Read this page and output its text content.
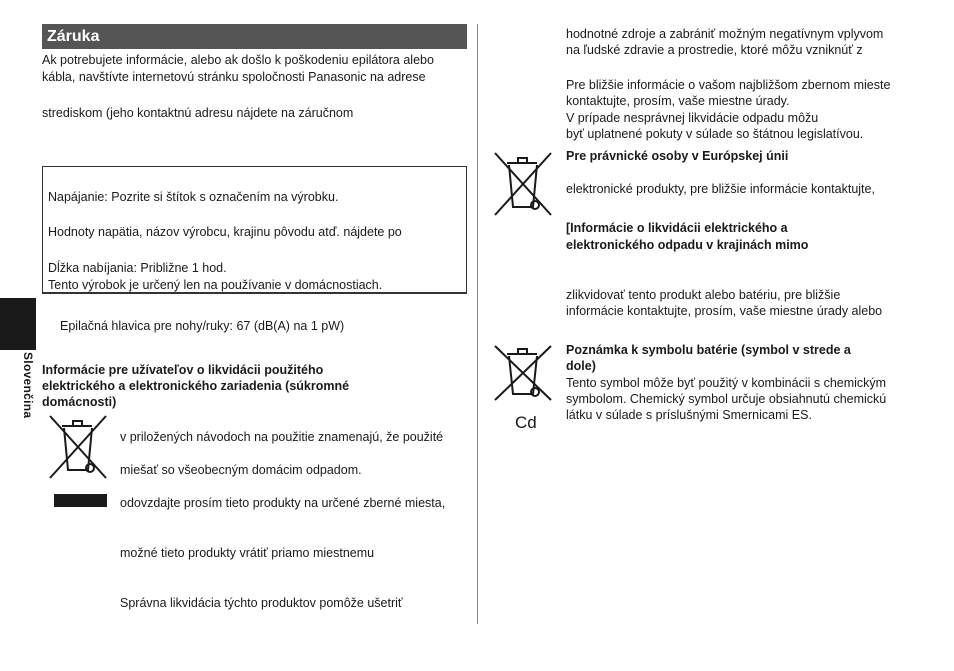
Záruka

Ak potrebujete informácie, alebo ak došlo k poškodeniu epilátora alebo

kábla, navštívte internetovú stránku spoločnosti Panasonic na adrese

strediskom (jeho kontaktnú adresu nájdete na záručnom

Napájanie: Pozrite si štítok s označením na výrobku.

Hodnoty napätia, názov výrobcu, krajinu pôvodu atď. nájdete po

Dĺžka nabíjania: Približne 1 hod.

Tento výrobok je určený len na používanie v domácnostiach.

Slovenčina

Epilačná hlavica pre nohy/ruky: 67 (dB(A) na 1 pW)

Informácie pre užívateľov o likvidácii použitého

elektrického a elektronického zariadenia (súkromné

domácnosti)

v priložených návodoch na použitie znamenajú, že použité

miešať so všeobecným domácim odpadom.

odovzdajte prosím tieto produkty na určené zberné miesta,

možné tieto produkty vrátiť priamo miestnemu

Správna likvidácia týchto produktov pomôže ušetriť

hodnotné zdroje a zabrániť možným negatívnym vplyvom

na ľudské zdravie a prostredie, ktoré môžu vzniknúť z

Pre bližšie informácie o vašom najbližšom zbernom mieste

kontaktujte, prosím, vaše miestne úrady.

V prípade nesprávnej likvidácie odpadu môžu

byť uplatnené pokuty v súlade so štátnou legislatívou.

Pre právnické osoby v Európskej únii

elektronické produkty, pre bližšie informácie kontaktujte,

[Informácie o likvidácii elektrického a

elektronického odpadu v krajinách mimo

zlikvidovať tento produkt alebo batériu, pre bližšie

informácie kontaktujte, prosím, vaše miestne úrady alebo

Cd

Poznámka k symbolu batérie (symbol v strede a

dole)

Tento symbol môže byť použitý v kombinácii s chemickým

symbolom. Chemický symbol určuje obsiahnutú chemickú

látku v súlade s príslušnými Smernicami ES.
